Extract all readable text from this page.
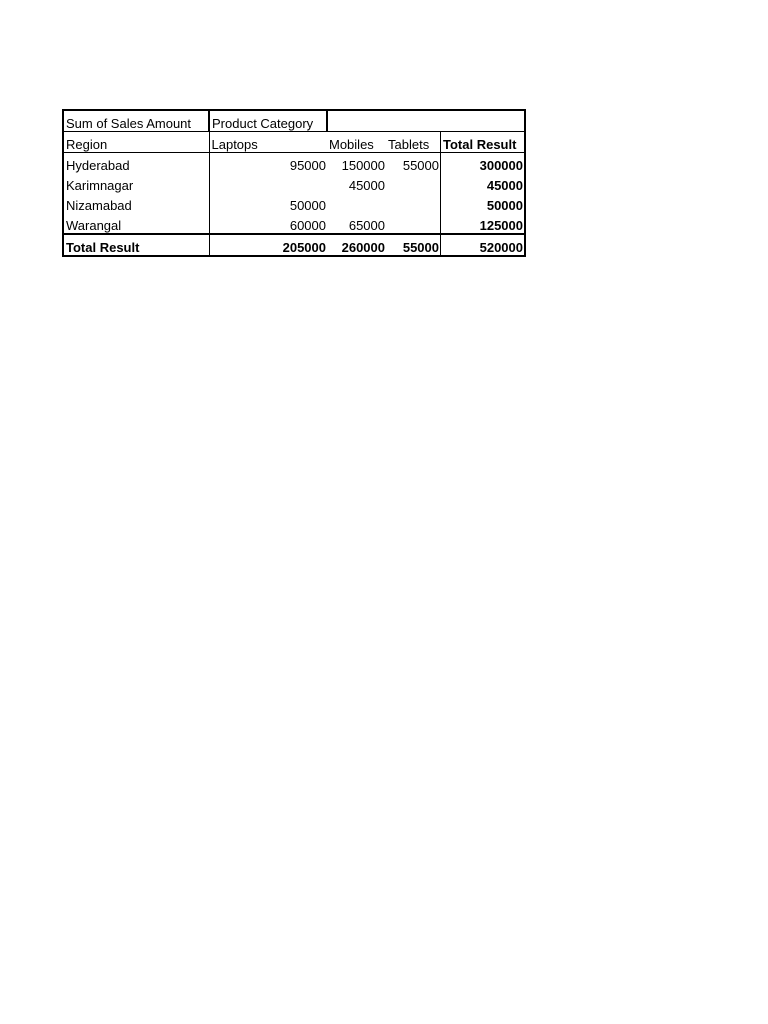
Sum of Sales Amount	Product Category			
Region	Laptops	Mobiles	Tablets	Total Result
Hyderabad	95000	150000	55000	300000
Karimnagar		45000		45000
Nizamabad	50000			50000
Warangal	60000	65000		125000
Total Result	205000	260000	55000	520000
